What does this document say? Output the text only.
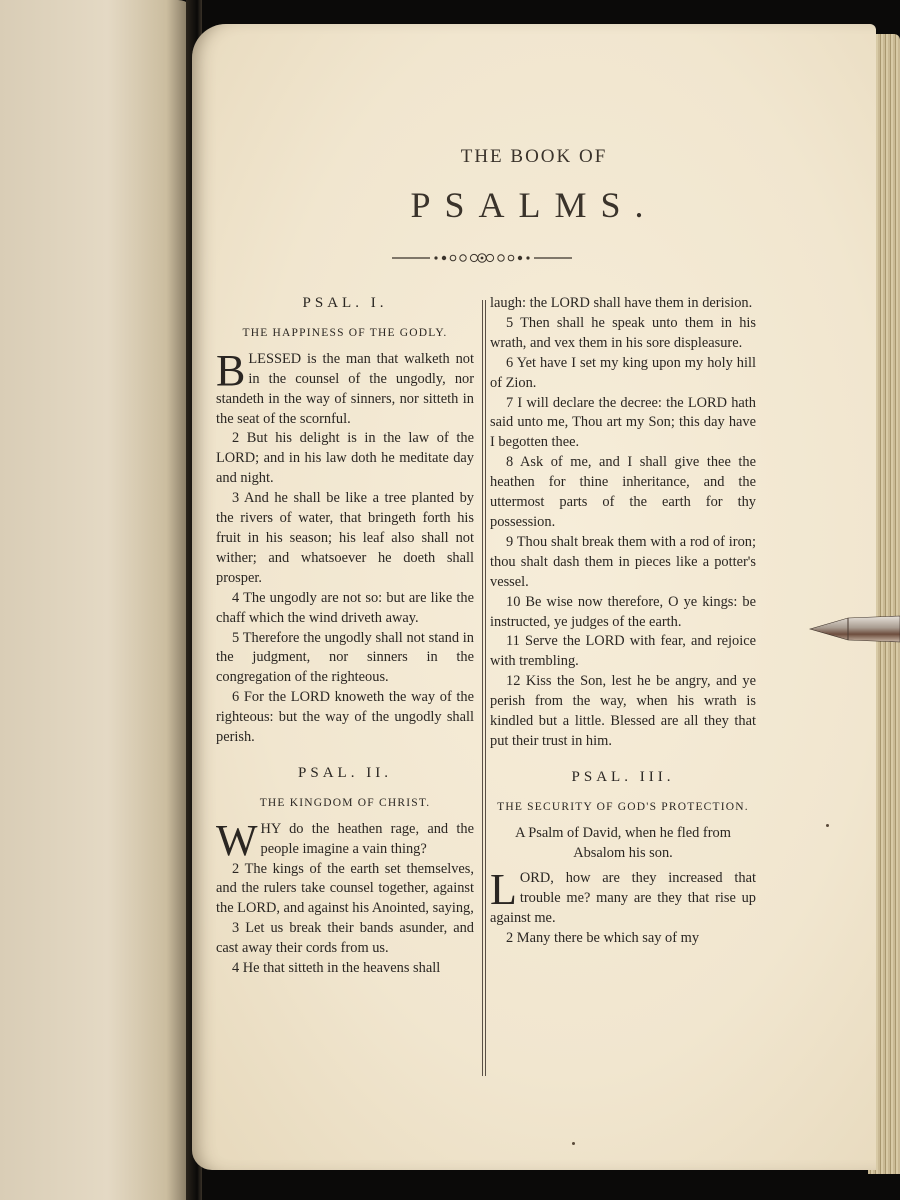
THE BOOK OF
PSALMS.
PSAL. I.
THE HAPPINESS OF THE GODLY.

BLESSED is the man that walketh not in the counsel of the ungodly, nor standeth in the way of sinners, nor sitteth in the seat of the scornful.

2 But his delight is in the law of the LORD; and in his law doth he meditate day and night.

3 And he shall be like a tree planted by the rivers of water, that bringeth forth his fruit in his season; his leaf also shall not wither; and whatsoever he doeth shall prosper.

4 The ungodly are not so: but are like the chaff which the wind driveth away.

5 Therefore the ungodly shall not stand in the judgment, nor sinners in the congregation of the righteous.

6 For the LORD knoweth the way of the righteous: but the way of the ungodly shall perish.

PSAL. II.
THE KINGDOM OF CHRIST.

WHY do the heathen rage, and the people imagine a vain thing?

2 The kings of the earth set themselves, and the rulers take counsel together, against the LORD, and against his Anointed, saying,

3 Let us break their bands asunder, and cast away their cords from us.

4 He that sitteth in the heavens shall

laugh: the LORD shall have them in derision.

5 Then shall he speak unto them in his wrath, and vex them in his sore displeasure.

6 Yet have I set my king upon my holy hill of Zion.

7 I will declare the decree: the LORD hath said unto me, Thou art my Son; this day have I begotten thee.

8 Ask of me, and I shall give thee the heathen for thine inheritance, and the uttermost parts of the earth for thy possession.

9 Thou shalt break them with a rod of iron; thou shalt dash them in pieces like a potter's vessel.

10 Be wise now therefore, O ye kings: be instructed, ye judges of the earth.

11 Serve the LORD with fear, and rejoice with trembling.

12 Kiss the Son, lest he be angry, and ye perish from the way, when his wrath is kindled but a little. Blessed are all they that put their trust in him.

PSAL. III.
THE SECURITY OF GOD'S PROTECTION.
A Psalm of David, when he fled from Absalom his son.

LORD, how are they increased that trouble me? many are they that rise up against me.

2 Many there be which say of my
